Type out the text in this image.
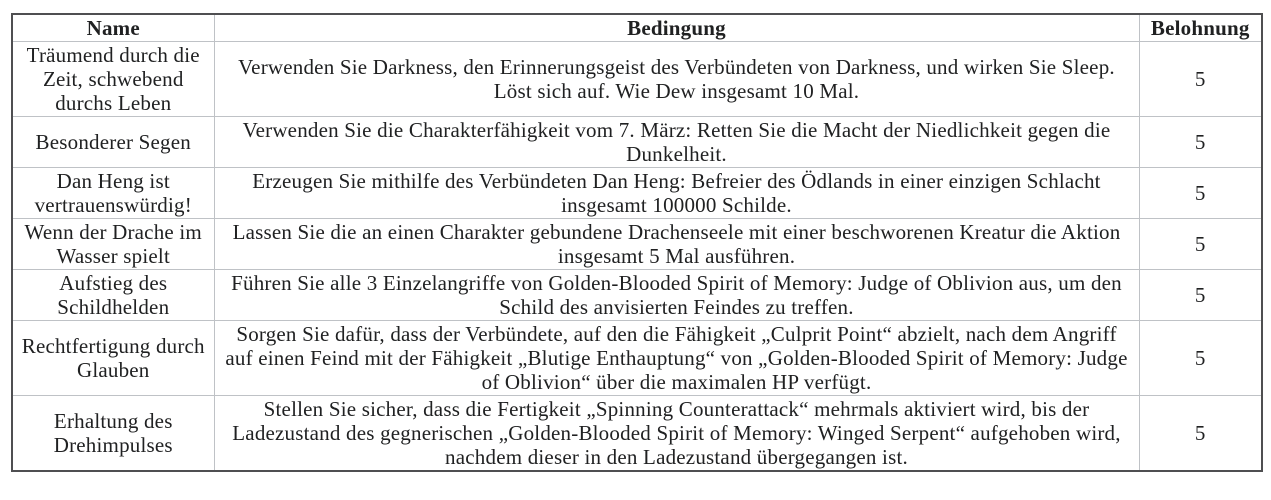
Name	Bedingung	Belohnung
Träumend durch die Zeit, schwebend durchs Leben	Verwenden Sie Darkness, den Erinnerungsgeist des Verbündeten von Darkness, und wirken Sie Sleep. Löst sich auf. Wie Dew insgesamt 10 Mal.	5
Besonderer Segen	Verwenden Sie die Charakterfähigkeit vom 7. März: Retten Sie die Macht der Niedlichkeit gegen die Dunkelheit.	5
Dan Heng ist vertrauenswürdig!	Erzeugen Sie mithilfe des Verbündeten Dan Heng: Befreier des Ödlands in einer einzigen Schlacht insgesamt 100000 Schilde.	5
Wenn der Drache im Wasser spielt	Lassen Sie die an einen Charakter gebundene Drachenseele mit einer beschworenen Kreatur die Aktion insgesamt 5 Mal ausführen.	5
Aufstieg des Schildhelden	Führen Sie alle 3 Einzelangriffe von Golden-Blooded Spirit of Memory: Judge of Oblivion aus, um den Schild des anvisierten Feindes zu treffen.	5
Rechtfertigung durch Glauben	Sorgen Sie dafür, dass der Verbündete, auf den die Fähigkeit „Culprit Point“ abzielt, nach dem Angriff auf einen Feind mit der Fähigkeit „Blutige Enthauptung“ von „Golden-Blooded Spirit of Memory: Judge of Oblivion“ über die maximalen HP verfügt.	5
Erhaltung des Drehimpulses	Stellen Sie sicher, dass die Fertigkeit „Spinning Counterattack“ mehrmals aktiviert wird, bis der Ladezustand des gegnerischen „Golden-Blooded Spirit of Memory: Winged Serpent“ aufgehoben wird, nachdem dieser in den Ladezustand übergegangen ist.	5
